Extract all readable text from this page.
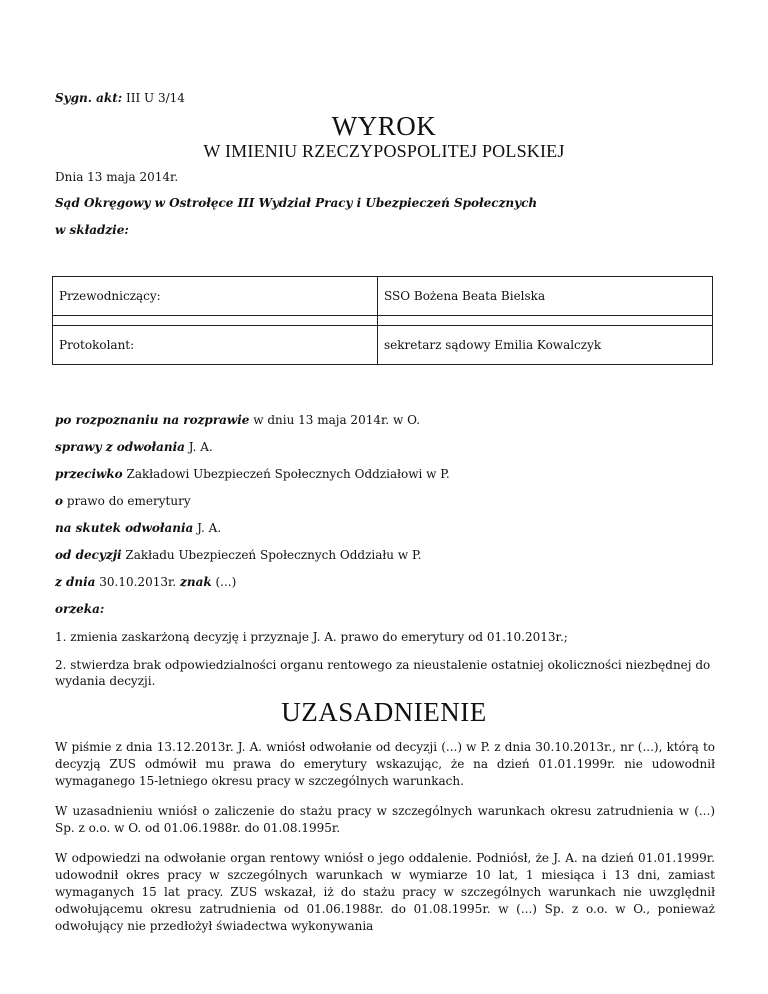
Sygn. akt: III U 3/14
WYROK
W IMIENIU RZECZYPOSPOLITEJ POLSKIEJ
Dnia 13 maja 2014r.
Sąd Okręgowy w Ostrołęce III Wydział Pracy i Ubezpieczeń Społecznych
w składzie:
Przewodniczący:	SSO Bożena Beata Bielska

Protokolant:	sekretarz sądowy Emilia Kowalczyk
po rozpoznaniu na rozprawie w dniu 13 maja 2014r. w O.
sprawy z odwołania J. A.
przeciwko Zakładowi Ubezpieczeń Społecznych Oddziałowi w P.
o prawo do emerytury
na skutek odwołania J. A.
od decyzji Zakładu Ubezpieczeń Społecznych Oddziału w P.
z dnia 30.10.2013r. znak (...)
orzeka:
1. zmienia zaskarżoną decyzję i przyznaje J. A. prawo do emerytury od 01.10.2013r.;
2. stwierdza brak odpowiedzialności organu rentowego za nieustalenie ostatniej okoliczności niezbędnej do wydania decyzji.
UZASADNIENIE
W piśmie z dnia 13.12.2013r. J. A. wniósł odwołanie od decyzji (...) w P. z dnia 30.10.2013r., nr (...), którą to decyzją ZUS odmówił mu prawa do emerytury wskazując, że na dzień 01.01.1999r. nie udowodnił wymaganego 15-letniego okresu pracy w szczególnych warunkach.
W uzasadnieniu wniósł o zaliczenie do stażu pracy w szczególnych warunkach okresu zatrudnienia w (...) Sp. z o.o. w O. od 01.06.1988r. do 01.08.1995r.
W odpowiedzi na odwołanie organ rentowy wniósł o jego oddalenie. Podniósł, że J. A. na dzień 01.01.1999r. udowodnił okres pracy w szczególnych warunkach w wymiarze 10 lat, 1 miesiąca i 13 dni, zamiast wymaganych 15 lat pracy. ZUS wskazał, iż do stażu pracy w szczególnych warunkach nie uwzględnił odwołującemu okresu zatrudnienia od 01.06.1988r. do 01.08.1995r. w (...) Sp. z o.o. w O., ponieważ odwołujący nie przedłożył świadectwa wykonywania
